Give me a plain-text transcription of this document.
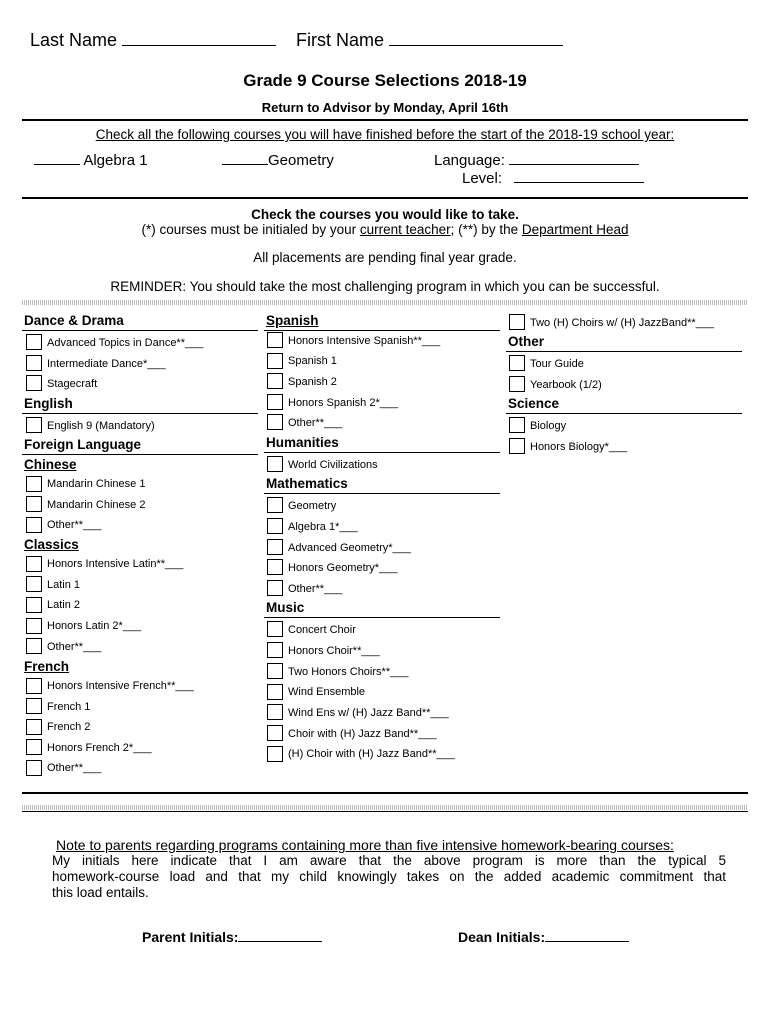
Last Name	First Name
Grade 9 Course Selections 2018-19
Return to Advisor by Monday, April 16th
Check all the following courses you will have finished before the start of the 2018-19 school year:
Algebra 1	Geometry	Language:
Level:
Check the courses you would like to take.
(*) courses must be initialed by your current teacher; (**) by the Department Head
All placements are pending final year grade.
REMINDER: You should take the most challenging program in which you can be successful.
Dance & Drama
Advanced Topics in Dance**___
Intermediate Dance*___
Stagecraft
English
English 9 (Mandatory)
Foreign Language
Chinese
Mandarin Chinese 1
Mandarin Chinese 2
Other**___
Classics
Honors Intensive Latin**___
Latin 1
Latin 2
Honors Latin 2*___
Other**___
French
Honors Intensive French**___
French 1
French 2
Honors French 2*___
Other**___
Spanish
Honors Intensive Spanish**___
Spanish 1
Spanish 2
Honors Spanish 2*___
Other**___
Humanities
World Civilizations
Mathematics
Geometry
Algebra 1*___
Advanced Geometry*___
Honors Geometry*___
Other**___
Music
Concert Choir
Honors Choir**___
Two Honors Choirs**___
Wind Ensemble
Wind Ens w/ (H) Jazz Band**___
Choir with (H) Jazz Band**___
(H) Choir with (H) Jazz Band**___
Two (H) Choirs w/ (H) JazzBand**___
Other
Tour Guide
Yearbook (1/2)
Science
Biology
Honors Biology*___
Note to parents regarding programs containing more than five intensive homework-bearing courses:
My initials here indicate that I am aware that the above program is more than the typical 5
homework-course load and that my child knowingly takes on the added academic commitment that
this load entails.
Parent Initials:	Dean Initials:
